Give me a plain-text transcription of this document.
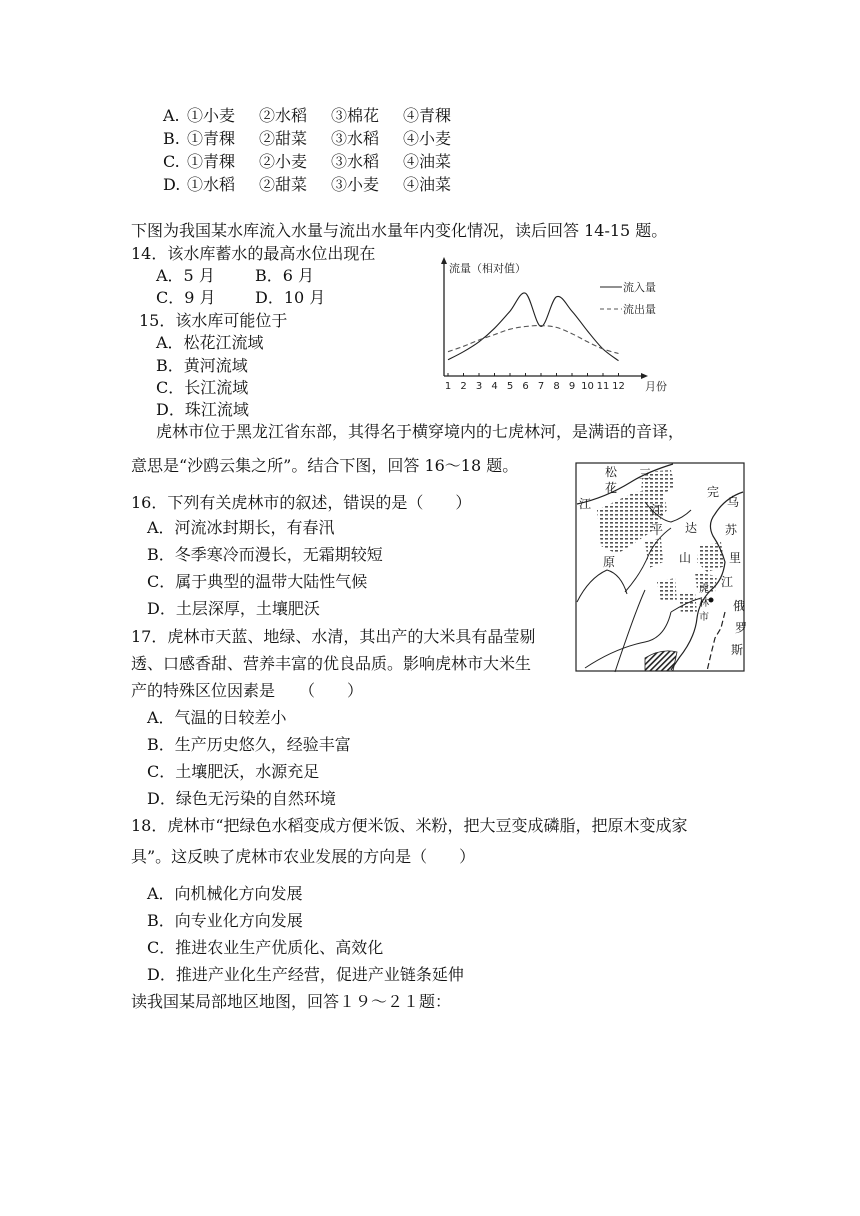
A. ①小麦 ②水稻 ③棉花 ④青稞
B. ①青稞 ②甜菜 ③水稻 ④小麦
C. ①青稞 ②小麦 ③水稻 ④油菜
D. ①水稻 ②甜菜 ③小麦 ④油菜
下图为我国某水库流入水量与流出水量年内变化情况，读后回答 14-15 题。
14．该水库蓄水的最高水位出现在
A．5 月	B．6 月
C．9 月 D．10 月
15．该水库可能位于
A．松花江流域
B．黄河流域
C．长江流域
D．珠江流域
流量（相对值）
月份
1 2 3 4 5 6 7 8 9 10 11 12
流入量
流出量
虎林市位于黑龙江省东部，其得名于横穿境内的七虎林河，是满语的音译，
意思是“沙鸥云集之所”。结合下图，回答 16～18 题。	松
花
江
三
江
平
原
完
乌
达 苏
里
山
江
虎
林
市
俄
罗
斯
16．下列有关虎林市的叙述，错误的是（　　）
A．河流冰封期长，有春汛
B．冬季寒冷而漫长，无霜期较短
C．属于典型的温带大陆性气候
D．土层深厚，土壤肥沃
17．虎林市天蓝、地绿、水清，其出产的大米具有晶莹剔
透、口感香甜、营养丰富的优良品质。影响虎林市大米生
产的特殊区位因素是　　（　　）
A．气温的日较差小
B．生产历史悠久，经验丰富
C．土壤肥沃，水源充足
D．绿色无污染的自然环境
18．虎林市“把绿色水稻变成方便米饭、米粉，把大豆变成磷脂，把原木变成家
具”。这反映了虎林市农业发展的方向是（　　）
A．向机械化方向发展
B．向专业化方向发展
C．推进农业生产优质化、高效化
D．推进产业化生产经营，促进产业链条延伸
读我国某局部地区地图，回答１９～２１题：
